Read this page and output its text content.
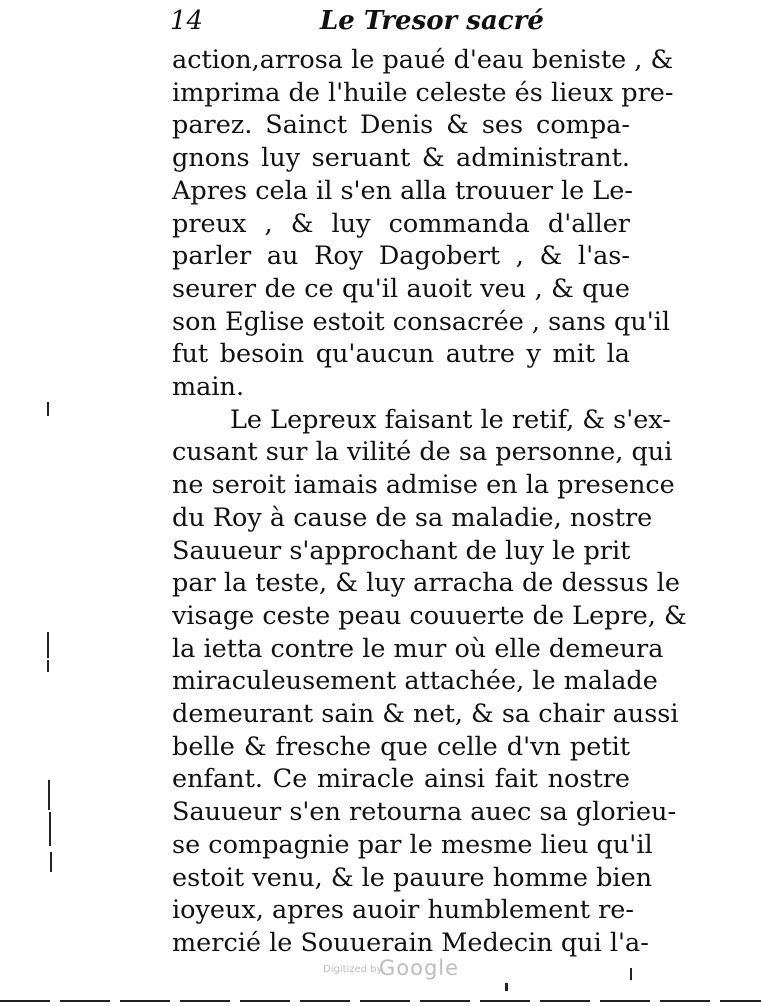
14	Le Tresor sacré

action,arrosa le paué d'eau beniste , &

imprima de l'huile celeste és lieux pre-

parez. Sainct Denis & ses compa-

gnons luy seruant & administrant.

Apres cela il s'en alla trouuer le Le-

preux , & luy commanda d'aller

parler au Roy Dagobert , & l'as-

seurer de ce qu'il auoit veu , & que

son Eglise estoit consacrée , sans qu'il

fut besoin qu'aucun autre y mit la

main.

Le Lepreux faisant le retif, & s'ex-

cusant sur la vilité de sa personne, qui

ne seroit iamais admise en la presence

du Roy à cause de sa maladie, nostre

Sauueur s'approchant de luy le prit

par la teste, & luy arracha de dessus le

visage ceste peau couuerte de Lepre, &

la ietta contre le mur où elle demeura

miraculeusement attachée, le malade

demeurant sain & net, & sa chair aussi

belle & fresche que celle d'vn petit

enfant. Ce miracle ainsi fait nostre

Sauueur s'en retourna auec sa glorieu-

se compagnie par le mesme lieu qu'il

estoit venu, & le pauure homme bien

ioyeux, apres auoir humblement re-

mercié le Souuerain Medecin qui l'a-

Digitized by
Google
